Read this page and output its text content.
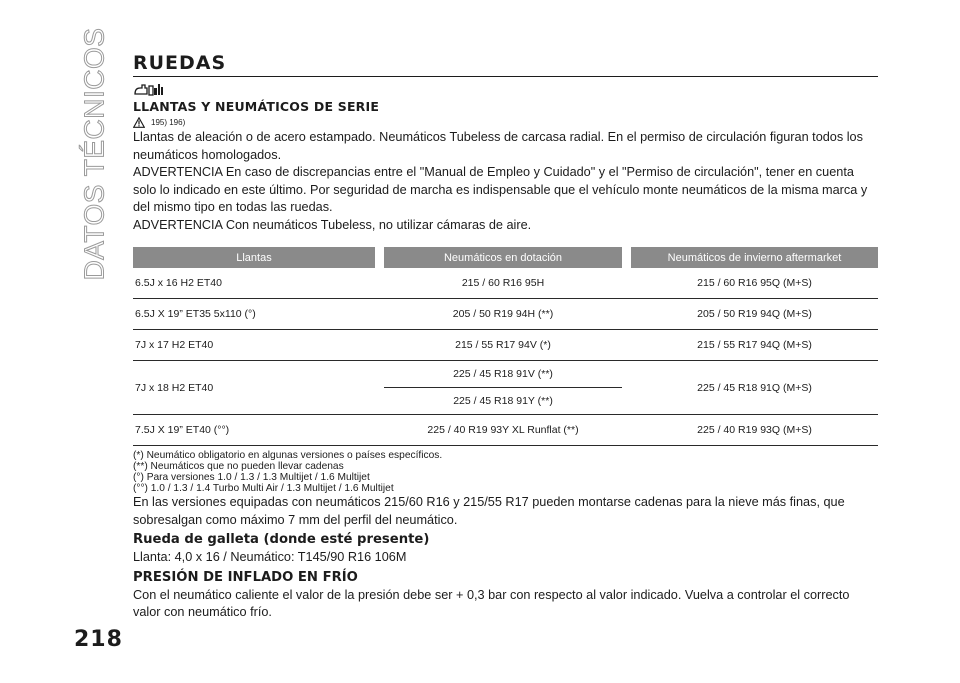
DATOS TÉCNICOS
218
RUEDAS
LLANTAS Y NEUMÁTICOS DE SERIE
195) 196)

Llantas de aleación o de acero estampado. Neumáticos Tubeless de carcasa radial. En el permiso de circulación figuran todos los neumáticos homologados.

ADVERTENCIA En caso de discrepancias entre el "Manual de Empleo y Cuidado" y el "Permiso de circulación", tener en cuenta solo lo indicado en este último. Por seguridad de marcha es indispensable que el vehículo monte neumáticos de la misma marca y del mismo tipo en todas las ruedas.

ADVERTENCIA Con neumáticos Tubeless, no utilizar cámaras de aire.

Llantas		Neumáticos en dotación		Neumáticos de invierno aftermarket
6.5J x 16 H2 ET40		215 / 60 R16 95H		215 / 60 R16 95Q (M+S)
6.5J X 19” ET35 5x110 (°)		205 / 50 R19 94H (**)		205 / 50 R19 94Q (M+S)
7J x 17 H2 ET40		215 / 55 R17 94V (*)		215 / 55 R17 94Q (M+S)
7J x 18 H2 ET40		225 / 45 R18 91V (**)		225 / 45 R18 91Q (M+S)
		225 / 45 R18 91Y (**)		
7.5J X 19” ET40 (°°)		225 / 40 R19 93Y XL Runflat (**)		225 / 40 R19 93Q (M+S)
(*) Neumático obligatorio en algunas versiones o países específicos.
(**) Neumáticos que no pueden llevar cadenas
(°) Para versiones 1.0 / 1.3 / 1.3 Multijet / 1.6 Multijet
(°°) 1.0 / 1.3 / 1.4 Turbo Multi Air / 1.3 Multijet / 1.6 Multijet

En las versiones equipadas con neumáticos 215/60 R16 y 215/55 R17 pueden montarse cadenas para la nieve más finas, que sobresalgan como máximo 7 mm del perfil del neumático.

Rueda de galleta (donde esté presente)

Llanta: 4,0 x 16 / Neumático: T145/90 R16 106M

PRESIÓN DE INFLADO EN FRÍO

Con el neumático caliente el valor de la presión debe ser + 0,3 bar con respecto al valor indicado. Vuelva a controlar el correcto valor con neumático frío.
